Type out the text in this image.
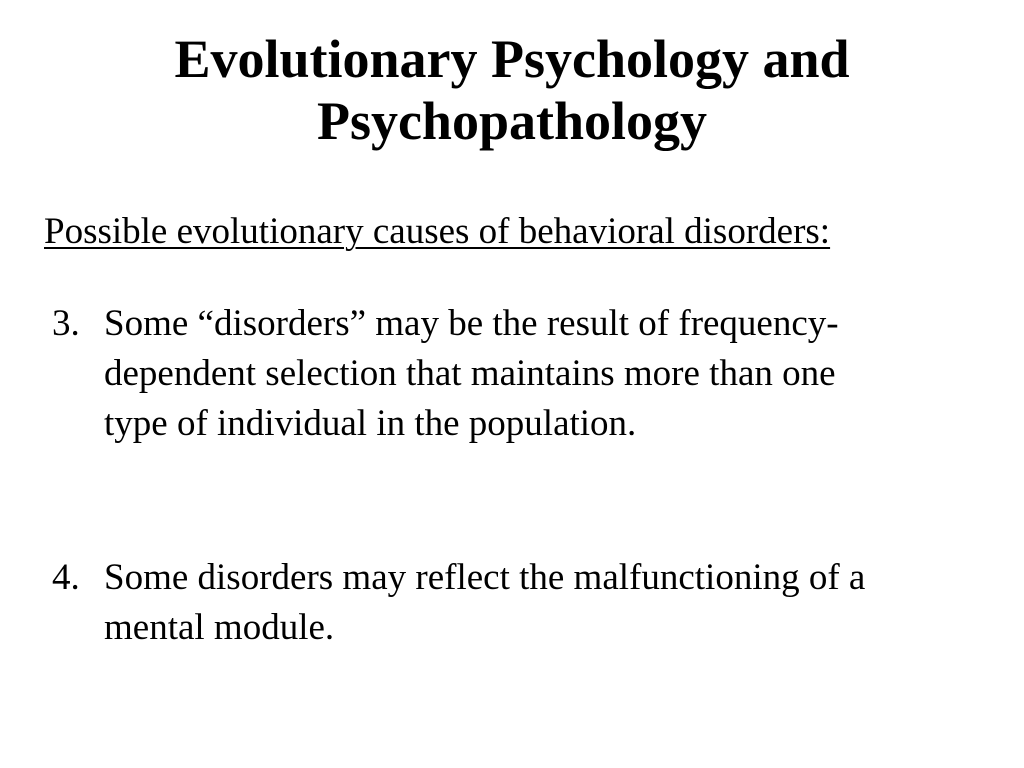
Evolutionary Psychology and
Psychopathology
Possible evolutionary causes of behavioral disorders:
3. Some “disorders” may be the result of frequency-
dependent selection that maintains more than one
type of individual in the population.
4. Some disorders may reflect the malfunctioning of a
mental module.
